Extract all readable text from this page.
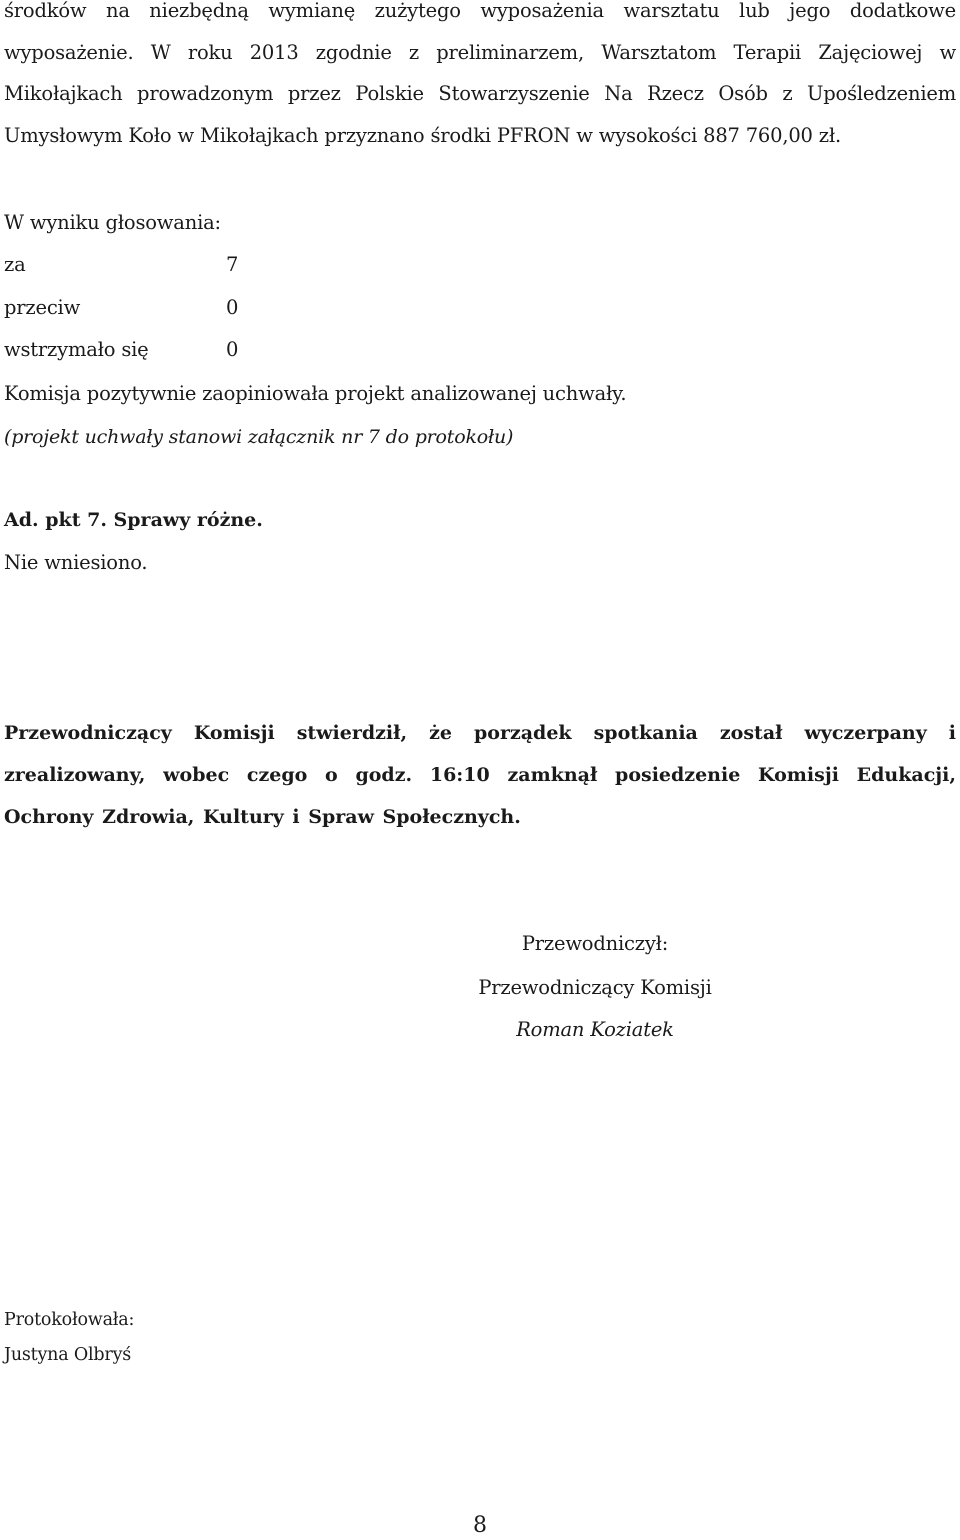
środków na niezbędną wymianę zużytego wyposażenia warsztatu lub jego dodatkowe wyposażenie. W roku 2013 zgodnie z preliminarzem, Warsztatom Terapii Zajęciowej w Mikołajkach prowadzonym przez Polskie Stowarzyszenie Na Rzecz Osób z Upośledzeniem Umysłowym Koło w Mikołajkach przyznano środki PFRON w wysokości 887 760,00 zł.
W wyniku głosowania:
za	7
przeciw	0
wstrzymało się	0
Komisja pozytywnie zaopiniowała projekt analizowanej uchwały.
(projekt uchwały stanowi załącznik nr 7 do protokołu)
Ad. pkt 7. Sprawy różne.
Nie wniesiono.
Przewodniczący Komisji stwierdził, że porządek spotkania został wyczerpany i zrealizowany, wobec czego o godz. 16:10 zamknął posiedzenie Komisji Edukacji, Ochrony Zdrowia, Kultury i Spraw Społecznych.
Przewodniczył:
Przewodniczący Komisji
Roman Koziatek
Protokołowała:
Justyna Olbryś
8
